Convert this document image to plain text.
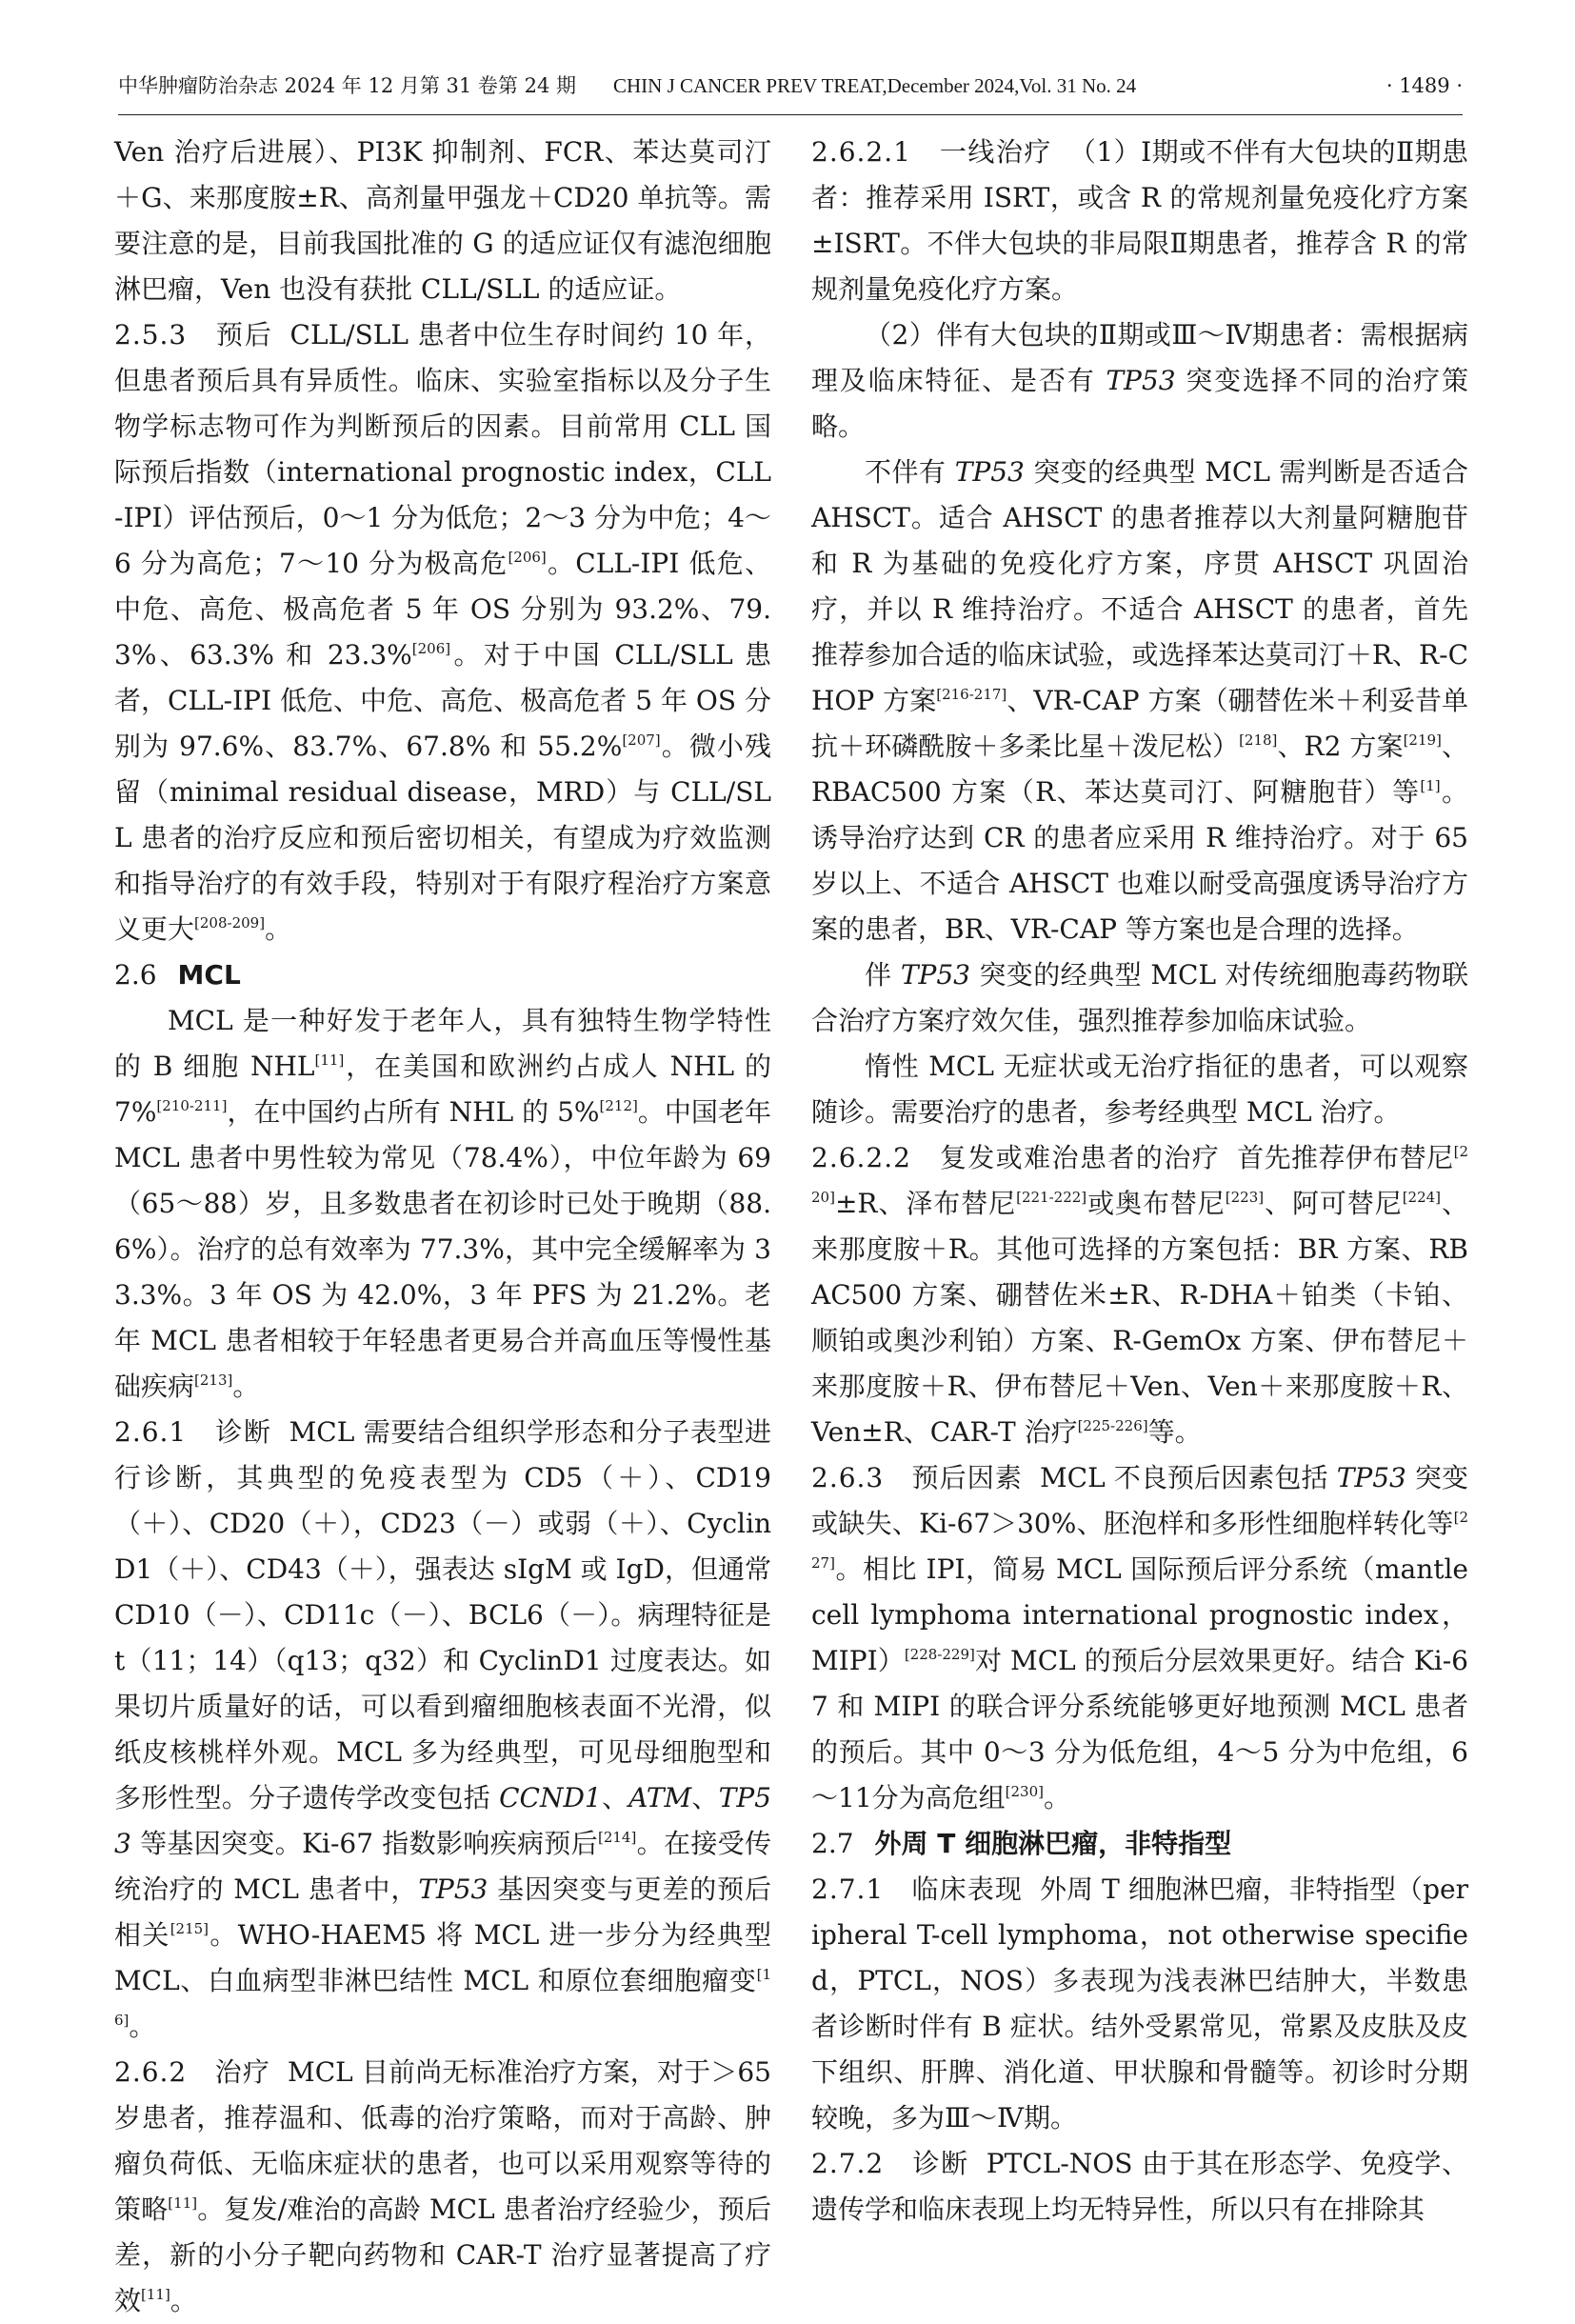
中华肿瘤防治杂志 2024 年 12 月第 31 卷第 24 期 CHIN J CANCER PREV TREAT,December 2024,Vol. 31 No. 24	· 1489 ·

Ven 治疗后进展）、PI3K 抑制剂、FCR、苯达莫司汀＋G、来那度胺±R、高剂量甲强龙＋CD20 单抗等。需要注意的是，目前我国批准的 G 的适应证仅有滤泡细胞淋巴瘤，Ven 也没有获批 CLL/SLL 的适应证。

2.5.3　预后 CLL/SLL 患者中位生存时间约 10 年，但患者预后具有异质性。临床、实验室指标以及分子生物学标志物可作为判断预后的因素。目前常用 CLL 国际预后指数（international prognostic index，CLL-IPI）评估预后，0～1 分为低危；2～3 分为中危；4～6 分为高危；7～10 分为极高危[206]。CLL-IPI 低危、中危、高危、极高危者 5 年 OS 分别为 93.2%、79.3%、63.3% 和 23.3%[206]。对于中国 CLL/SLL 患者，CLL-IPI 低危、中危、高危、极高危者 5 年 OS 分别为 97.6%、83.7%、67.8% 和 55.2%[207]。微小残留（minimal residual disease，MRD）与 CLL/SLL 患者的治疗反应和预后密切相关，有望成为疗效监测和指导治疗的有效手段，特别对于有限疗程治疗方案意义更大[208-209]。

2.6 MCL

MCL 是一种好发于老年人，具有独特生物学特性的 B 细胞 NHL[11]，在美国和欧洲约占成人 NHL 的 7%[210-211]，在中国约占所有 NHL 的 5%[212]。中国老年 MCL 患者中男性较为常见（78.4%），中位年龄为 69（65～88）岁，且多数患者在初诊时已处于晚期（88.6%）。治疗的总有效率为 77.3%，其中完全缓解率为 33.3%。3 年 OS 为 42.0%，3 年 PFS 为 21.2%。老年 MCL 患者相较于年轻患者更易合并高血压等慢性基础疾病[213]。

2.6.1　诊断 MCL 需要结合组织学形态和分子表型进行诊断，其典型的免疫表型为 CD5（＋）、CD19（＋）、CD20（＋），CD23（－）或弱（＋）、Cyclin D1（＋）、CD43（＋），强表达 sIgM 或 IgD，但通常 CD10（－）、CD11c（－）、BCL6（－）。病理特征是 t（11；14）（q13；q32）和 CyclinD1 过度表达。如果切片质量好的话，可以看到瘤细胞核表面不光滑，似纸皮核桃样外观。MCL 多为经典型，可见母细胞型和多形性型。分子遗传学改变包括 CCND1、ATM、TP53 等基因突变。Ki-67 指数影响疾病预后[214]。在接受传统治疗的 MCL 患者中，TP53 基因突变与更差的预后相关[215]。WHO-HAEM5 将 MCL 进一步分为经典型 MCL、白血病型非淋巴结性 MCL 和原位套细胞瘤变[16]。

2.6.2　治疗 MCL 目前尚无标准治疗方案，对于＞65岁患者，推荐温和、低毒的治疗策略，而对于高龄、肿瘤负荷低、无临床症状的患者，也可以采用观察等待的策略[11]。复发/难治的高龄 MCL 患者治疗经验少，预后差，新的小分子靶向药物和 CAR-T 治疗显著提高了疗效[11]。

2.6.2.1　一线治疗 （1）Ⅰ期或不伴有大包块的Ⅱ期患者：推荐采用 ISRT，或含 R 的常规剂量免疫化疗方案±ISRT。不伴大包块的非局限Ⅱ期患者，推荐含 R 的常规剂量免疫化疗方案。

（2）伴有大包块的Ⅱ期或Ⅲ～Ⅳ期患者：需根据病理及临床特征、是否有 TP53 突变选择不同的治疗策略。

不伴有 TP53 突变的经典型 MCL 需判断是否适合 AHSCT。适合 AHSCT 的患者推荐以大剂量阿糖胞苷和 R 为基础的免疫化疗方案，序贯 AHSCT 巩固治疗，并以 R 维持治疗。不适合 AHSCT 的患者，首先推荐参加合适的临床试验，或选择苯达莫司汀＋R、R-CHOP 方案[216-217]、VR-CAP 方案（硼替佐米＋利妥昔单抗＋环磷酰胺＋多柔比星＋泼尼松）[218]、R2 方案[219]、RBAC500 方案（R、苯达莫司汀、阿糖胞苷）等[1]。诱导治疗达到 CR 的患者应采用 R 维持治疗。对于 65 岁以上、不适合 AHSCT 也难以耐受高强度诱导治疗方案的患者，BR、VR-CAP 等方案也是合理的选择。

伴 TP53 突变的经典型 MCL 对传统细胞毒药物联合治疗方案疗效欠佳，强烈推荐参加临床试验。

惰性 MCL 无症状或无治疗指征的患者，可以观察随诊。需要治疗的患者，参考经典型 MCL 治疗。

2.6.2.2　复发或难治患者的治疗 首先推荐伊布替尼[220]±R、泽布替尼[221-222]或奥布替尼[223]、阿可替尼[224]、来那度胺＋R。其他可选择的方案包括：BR 方案、RBAC500 方案、硼替佐米±R、R-DHA＋铂类（卡铂、顺铂或奥沙利铂）方案、R-GemOx 方案、伊布替尼＋来那度胺＋R、伊布替尼＋Ven、Ven＋来那度胺＋R、Ven±R、CAR-T 治疗[225-226]等。

2.6.3　预后因素 MCL 不良预后因素包括 TP53 突变或缺失、Ki-67＞30%、胚泡样和多形性细胞样转化等[227]。相比 IPI，简易 MCL 国际预后评分系统（mantle cell lymphoma international prognostic index，MIPI）[228-229]对 MCL 的预后分层效果更好。结合 Ki-67 和 MIPI 的联合评分系统能够更好地预测 MCL 患者的预后。其中 0～3 分为低危组，4～5 分为中危组，6～11分为高危组[230]。

2.7 外周 T 细胞淋巴瘤，非特指型

2.7.1　临床表现 外周 T 细胞淋巴瘤，非特指型（peripheral T-cell lymphoma，not otherwise specified，PTCL，NOS）多表现为浅表淋巴结肿大，半数患者诊断时伴有 B 症状。结外受累常见，常累及皮肤及皮下组织、肝脾、消化道、甲状腺和骨髓等。初诊时分期较晚，多为Ⅲ～Ⅳ期。

2.7.2　诊断 PTCL-NOS 由于其在形态学、免疫学、遗传学和临床表现上均无特异性，所以只有在排除其
